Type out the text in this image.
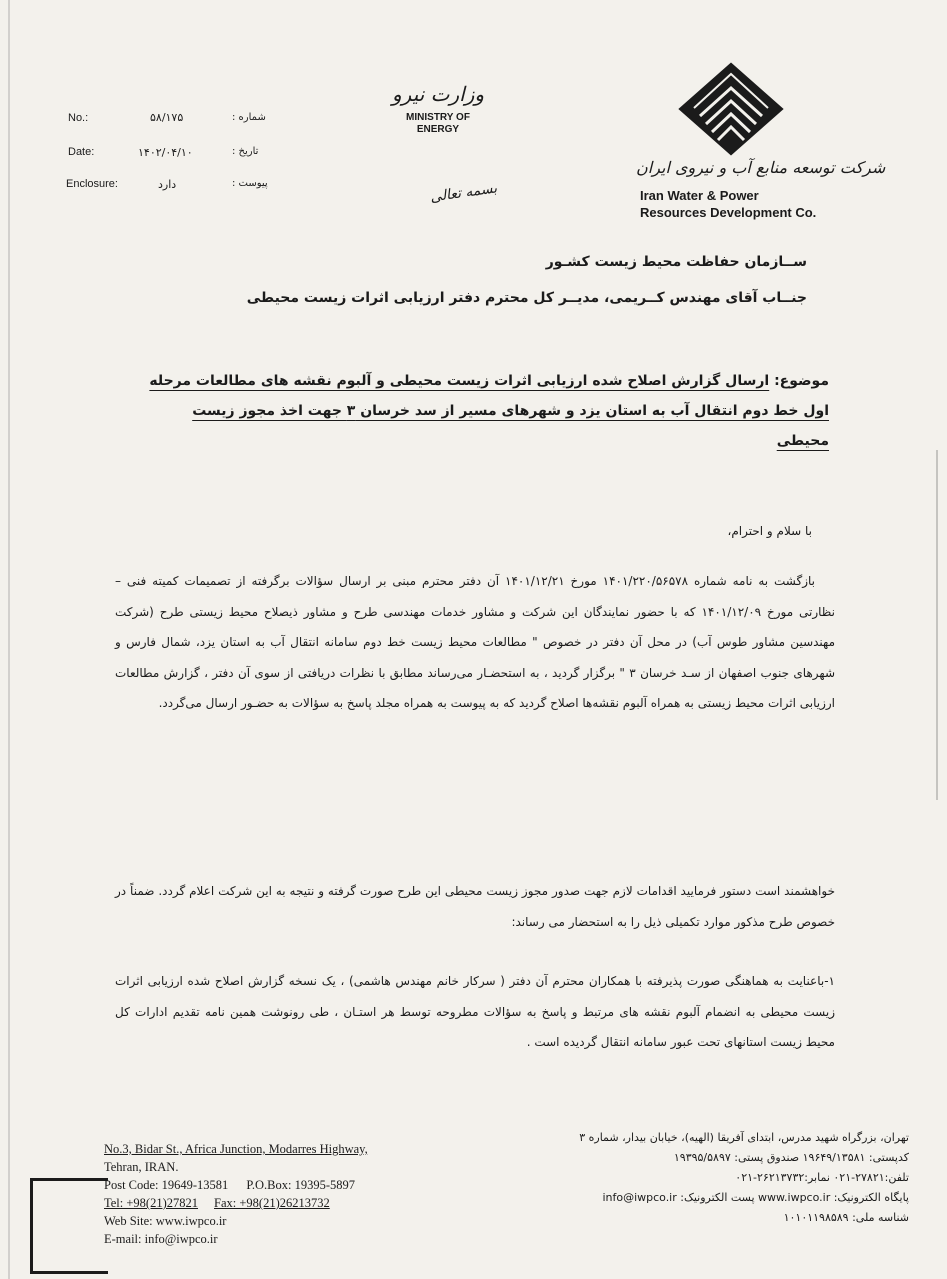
No.:	۵۸/۱۷۵	شماره :
Date:	۱۴۰۲/۰۴/۱۰	تاریخ :
Enclosure:	دارد	پیوست :
وزارت نیرو
MINISTRY OF
ENERGY
بسمه تعالی
شرکت توسعه منابع آب و نیروی ایران
Iran Water & Power
Resources Development Co.
ســازمان حفاظت محیط زیست کشـور
جنــاب آقای مهندس کــریمی، مدیــر کل محترم دفتر ارزیابی اثرات زیست محیطی
موضوع: ارسال گزارش اصلاح شده ارزیابی اثرات زیست محیطی و آلبوم نقشه های مطالعات مرحله
اول خط دوم انتقال آب به استان یزد و شهرهای مسیر از سد خرسان ۳ جهت اخذ مجوز زیست
محیطی
با سلام و احترام،
بازگشت به نامه شماره ۱۴۰۱/۲۲۰/۵۶۵۷۸ مورخ ۱۴۰۱/۱۲/۲۱ آن دفتر محترم مبنی بر ارسال سؤالات برگرفته از تصمیمات کمیته فنی – نظارتی مورخ ۱۴۰۱/۱۲/۰۹ که با حضور نمایندگان این شرکت و مشاور خدمات مهندسی طرح و مشاور ذیصلاح محیط زیستی طرح (شرکت مهندسین مشاور طوس آب) در محل آن دفتر در خصوص " مطالعات محیط زیست خط دوم سامانه انتقال آب به استان یزد، شمال فارس و شهرهای جنوب اصفهان از سـد خرسان ۳ " برگزار گردید ، به استحضـار می‌رساند مطابق با نظرات دریافتی از سوی آن دفتر ، گزارش مطالعات ارزیابی اثرات محیط زیستی به همراه آلبوم نقشه‌ها اصلاح گردید که به پیوست به همراه مجلد پاسخ به سؤالات به حضـور ارسال می‌گردد.
خواهشمند است دستور فرمایید اقدامات لازم جهت صدور مجوز زیست محیطی این طرح صورت گرفته و نتیجه به این شرکت اعلام گردد. ضمناً در خصوص طرح مذکور موارد تکمیلی ذیل را به استحضار می رساند:
۱-باعنایت به هماهنگی صورت پذیرفته با همکاران محترم آن دفتر ( سرکار خانم مهندس هاشمی) ، یک نسخه گزارش اصلاح شده ارزیابی اثرات زیست محیطی به انضمام آلبوم نقشه های مرتبط و پاسخ به سؤالات مطروحه توسط هر استـان ، طی رونوشت همین نامه تقدیم ادارات کل محیط زیست استانهای تحت عبور سامانه انتقال گردیده است .
No.3, Bidar St., Africa Junction, Modarres Highway,
Tehran, IRAN.
Post Code: 19649-13581 P.O.Box: 19395-5897
Tel: +98(21)27821 Fax: +98(21)26213732
Web Site: www.iwpco.ir
E-mail: info@iwpco.ir
تهران، بزرگراه شهید مدرس، ابتدای آفریقا (الهیه)، خیابان بیدار، شماره ۳
کدپستی: ۱۹۶۴۹/۱۳۵۸۱ صندوق پستی: ۱۹۳۹۵/۵۸۹۷
تلفن:۲۷۸۲۱-۰۲۱ نمابر:۲۶۲۱۳۷۳۲-۰۲۱
پایگاه الکترونیک: www.iwpco.ir پست الکترونیک: info@iwpco.ir
شناسه ملی: ۱۰۱۰۱۱۹۸۵۸۹
